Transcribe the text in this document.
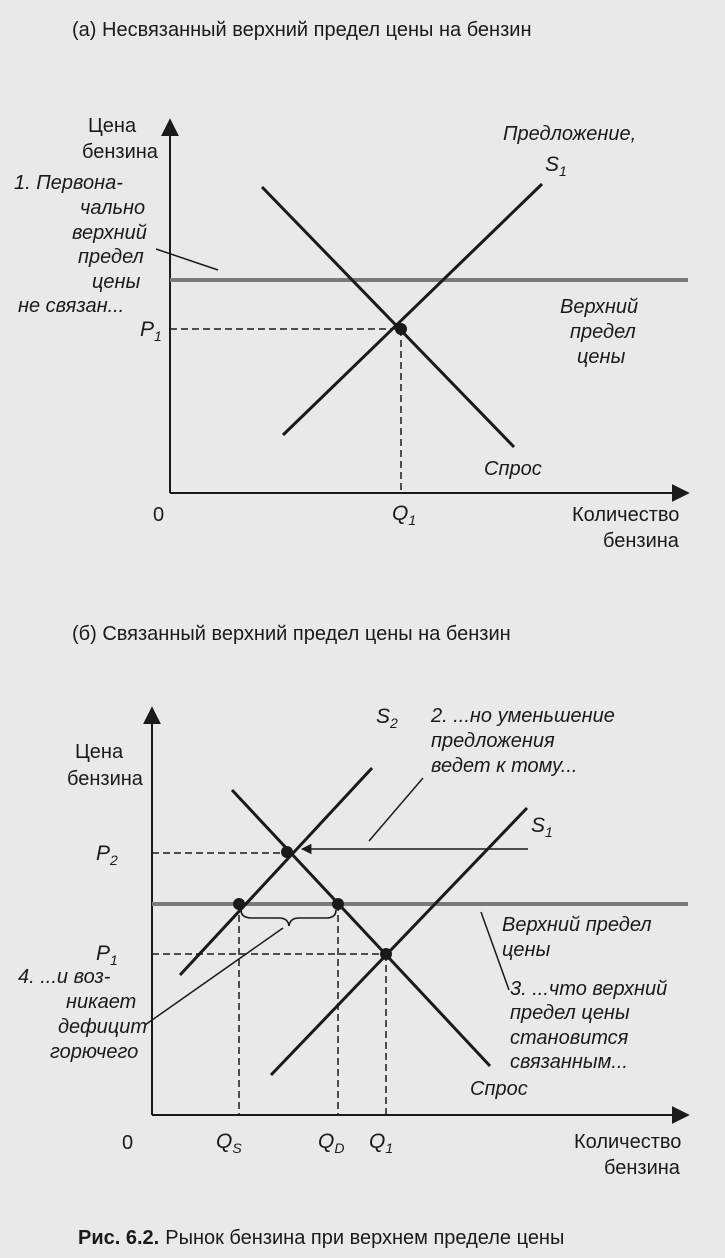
(а) Несвязанный верхний предел цены на бензин
Цена
бензина
Количество
бензина
0
$P_1$
$Q_1$
Предложение,
$S_1$
Спрос
Верхний
предел
цены
1. Первона-
чально
верхний
предел
цены
не связан...
(б) Связанный верхний предел цены на бензин
Цена
бензина
Количество
бензина
0
$P_2$
$P_1$
$Q_S$	$Q_D$ $Q_1$
$S_2$
$S_1$
Спрос
Верхний предел
цены
2. ...но уменьшение
предложения
ведет к тому...
3. ...что верхний
предел цены
становится
связанным...
4. ...и воз-
никает
дефицит
горючего
Рис. 6.2. Рынок бензина при верхнем пределе цены
